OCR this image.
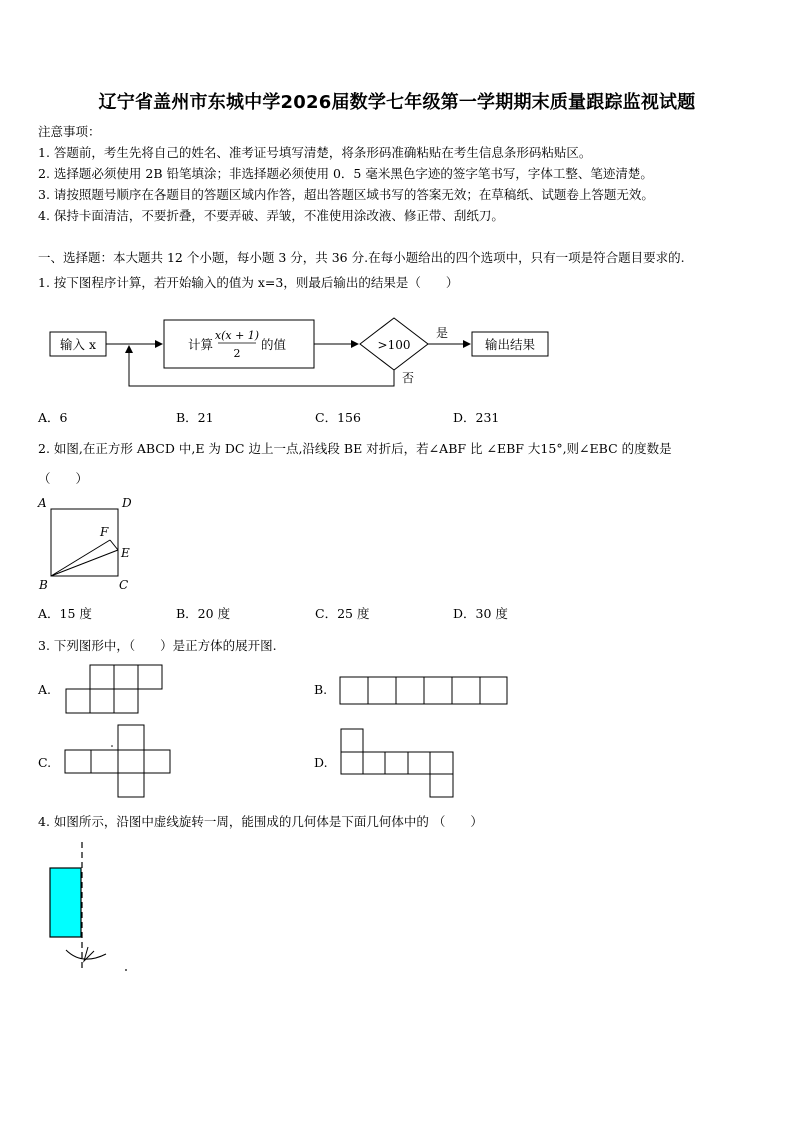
辽宁省盖州市东城中学2026届数学七年级第一学期期末质量跟踪监视试题
注意事项：
1. 答题前，考生先将自己的姓名、准考证号填写清楚，将条形码准确粘贴在考生信息条形码粘贴区。
2. 选择题必须使用 2B 铅笔填涂；非选择题必须使用 0．5 毫米黑色字迹的签字笔书写，字体工整、笔迹清楚。
3. 请按照题号顺序在各题目的答题区域内作答，超出答题区域书写的答案无效；在草稿纸、试题卷上答题无效。
4. 保持卡面清洁，不要折叠，不要弄破、弄皱，不准使用涂改液、修正带、刮纸刀。
一、选择题：本大题共 12 个小题，每小题 3 分，共 36 分.在每小题给出的四个选项中，只有一项是符合题目要求的.
1. 按下图程序计算，若开始输入的值为 x=3，则最后输出的结果是（　　）
输入 x	计算
x(x + 1)
2
的值	>100
是
输出结果
否
A．6	B．21	C．156	D．231
2. 如图,在正方形 ABCD 中,E 为 DC 边上一点,沿线段 BE 对折后，若∠ABF 比 ∠EBF 大15°,则∠EBC 的度数是
（　　）
A	D
F
E
B	C
A．15 度	B．20 度	C．25 度	D．30 度
3. 下列图形中，（　　）是正方体的展开图.
A.	B.
C.	D.
4. 如图所示，沿图中虚线旋转一周，能围成的几何体是下面几何体中的 （　　）
